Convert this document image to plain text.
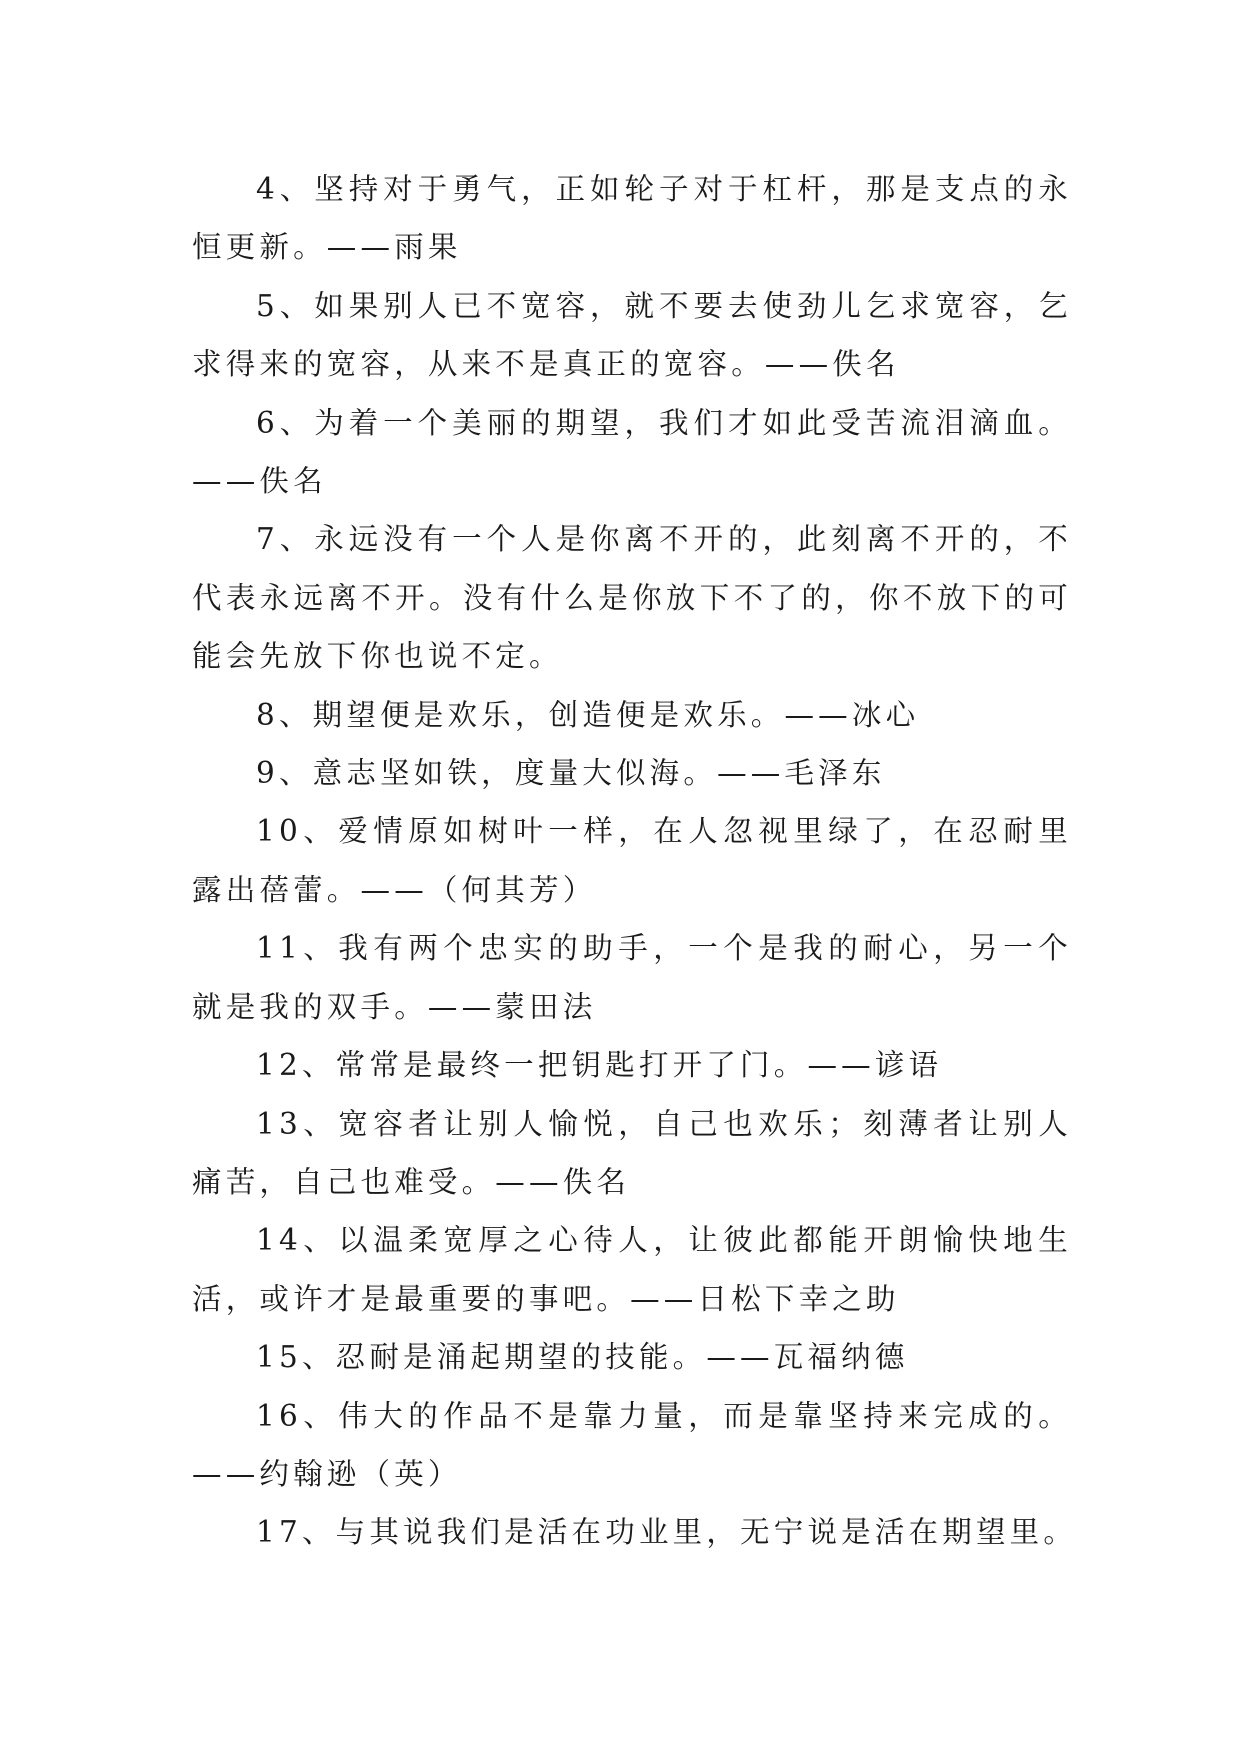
4、坚持对于勇气，正如轮子对于杠杆，那是支点的永恒更新。——雨果

5、如果别人已不宽容，就不要去使劲儿乞求宽容，乞求得来的宽容，从来不是真正的宽容。——佚名

6、为着一个美丽的期望，我们才如此受苦流泪滴血。——佚名

7、永远没有一个人是你离不开的，此刻离不开的，不代表永远离不开。没有什么是你放下不了的，你不放下的可能会先放下你也说不定。

8、期望便是欢乐，创造便是欢乐。——冰心

9、意志坚如铁，度量大似海。——毛泽东

10、爱情原如树叶一样，在人忽视里绿了，在忍耐里露出蓓蕾。——（何其芳）

11、我有两个忠实的助手，一个是我的耐心，另一个就是我的双手。——蒙田法

12、常常是最终一把钥匙打开了门。——谚语

13、宽容者让别人愉悦，自己也欢乐；刻薄者让别人痛苦，自己也难受。——佚名

14、以温柔宽厚之心待人，让彼此都能开朗愉快地生活，或许才是最重要的事吧。——日松下幸之助

15、忍耐是涌起期望的技能。——瓦福纳德

16、伟大的作品不是靠力量，而是靠坚持来完成的。——约翰逊（英）

17、与其说我们是活在功业里，无宁说是活在期望里。
